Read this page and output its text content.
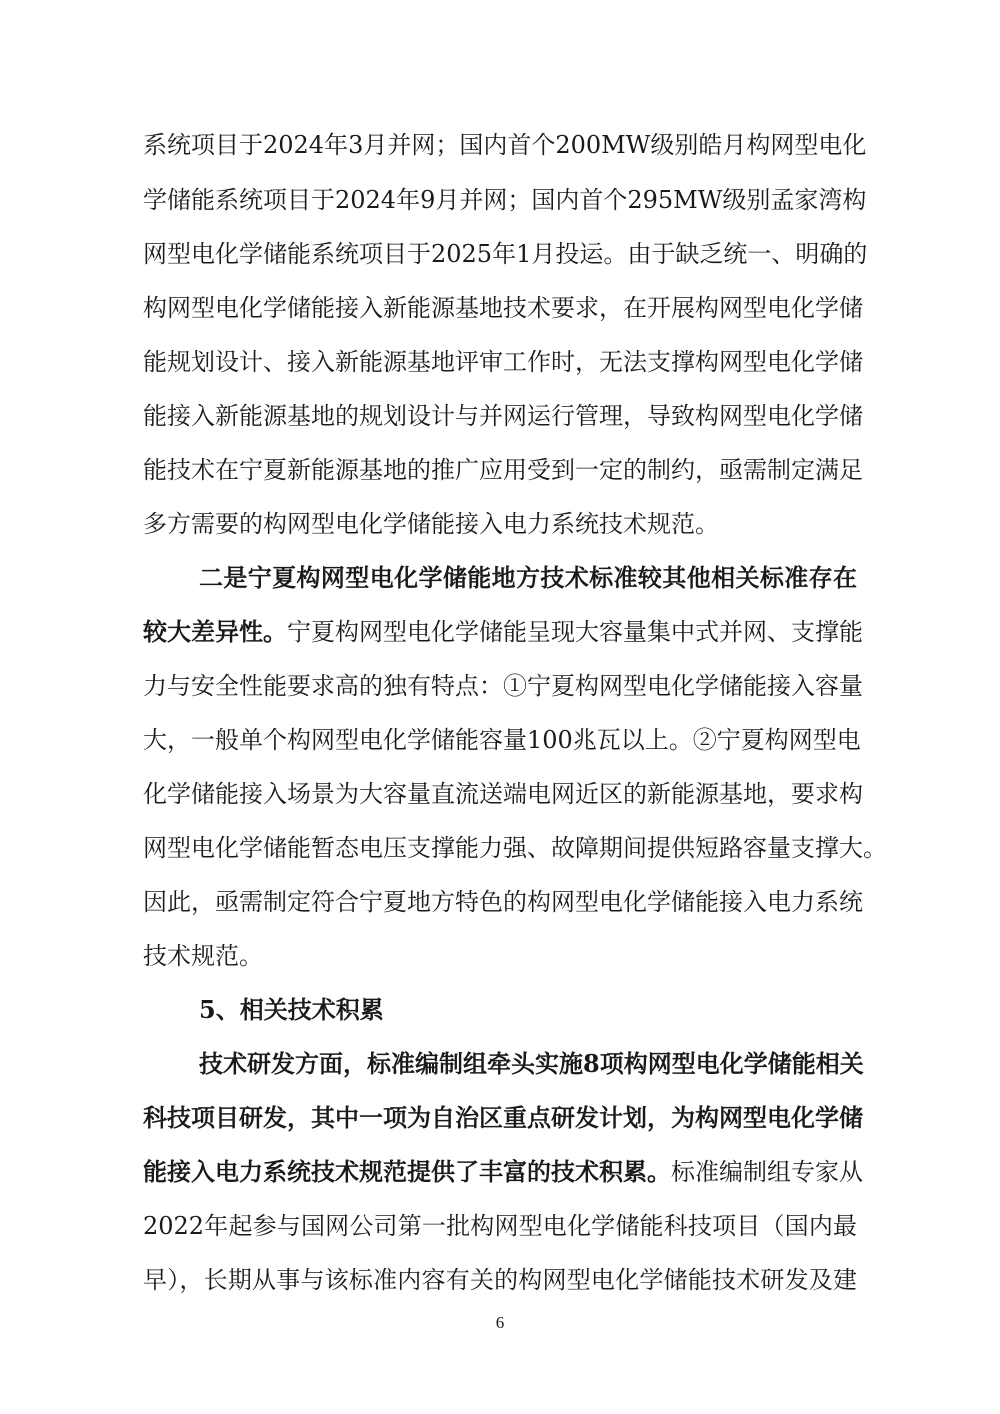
系统项目于2024年3月并网；国内首个200MW级别皓月构网型电化
学储能系统项目于2024年9月并网；国内首个295MW级别孟家湾构
网型电化学储能系统项目于2025年1月投运。由于缺乏统一、明确的
构网型电化学储能接入新能源基地技术要求，在开展构网型电化学储
能规划设计、接入新能源基地评审工作时，无法支撑构网型电化学储
能接入新能源基地的规划设计与并网运行管理，导致构网型电化学储
能技术在宁夏新能源基地的推广应用受到一定的制约，亟需制定满足
多方需要的构网型电化学储能接入电力系统技术规范。
二是宁夏构网型电化学储能地方技术标准较其他相关标准存在
较大差异性。宁夏构网型电化学储能呈现大容量集中式并网、支撑能
力与安全性能要求高的独有特点：①宁夏构网型电化学储能接入容量
大，一般单个构网型电化学储能容量100兆瓦以上。②宁夏构网型电
化学储能接入场景为大容量直流送端电网近区的新能源基地，要求构
网型电化学储能暂态电压支撑能力强、故障期间提供短路容量支撑大。
因此，亟需制定符合宁夏地方特色的构网型电化学储能接入电力系统
技术规范。
5、相关技术积累
技术研发方面，标准编制组牵头实施8项构网型电化学储能相关
科技项目研发，其中一项为自治区重点研发计划，为构网型电化学储
能接入电力系统技术规范提供了丰富的技术积累。标准编制组专家从
2022年起参与国网公司第一批构网型电化学储能科技项目（国内最
早），长期从事与该标准内容有关的构网型电化学储能技术研发及建
6
